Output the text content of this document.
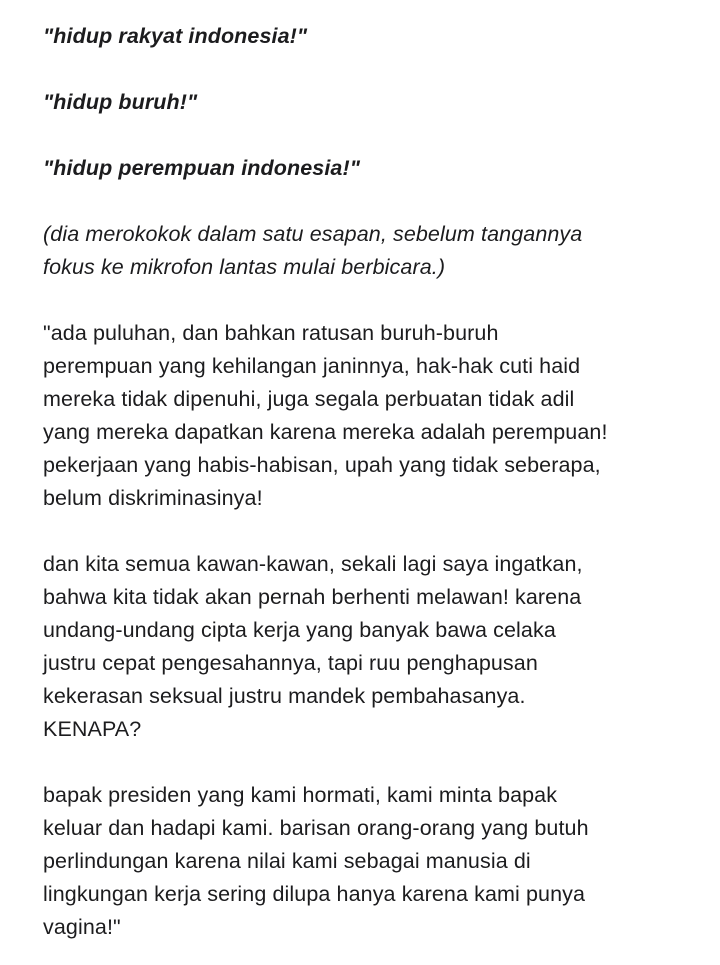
"hidup rakyat indonesia!"
"hidup buruh!"
"hidup perempuan indonesia!"
(dia merokokok dalam satu esapan, sebelum tangannya
fokus ke mikrofon lantas mulai berbicara.)
"ada puluhan, dan bahkan ratusan buruh-buruh
perempuan yang kehilangan janinnya, hak-hak cuti haid
mereka tidak dipenuhi, juga segala perbuatan tidak adil
yang mereka dapatkan karena mereka adalah perempuan!
pekerjaan yang habis-habisan, upah yang tidak seberapa,
belum diskriminasinya!
dan kita semua kawan-kawan, sekali lagi saya ingatkan,
bahwa kita tidak akan pernah berhenti melawan! karena
undang-undang cipta kerja yang banyak bawa celaka
justru cepat pengesahannya, tapi ruu penghapusan
kekerasan seksual justru mandek pembahasanya.
KENAPA?
bapak presiden yang kami hormati, kami minta bapak
keluar dan hadapi kami. barisan orang-orang yang butuh
perlindungan karena nilai kami sebagai manusia di
lingkungan kerja sering dilupa hanya karena kami punya
vagina!"
